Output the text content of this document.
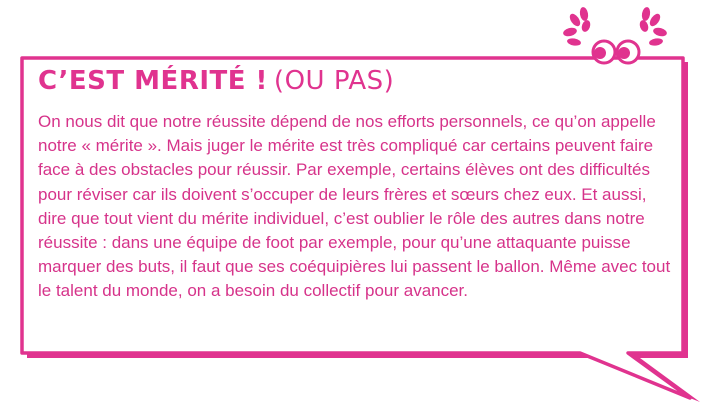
C’EST MÉRITÉ ! (OU PAS)

On nous dit que notre réussite dépend de nos efforts personnels, ce qu’on appelle notre « mérite ». Mais juger le mérite est très compliqué car certains peuvent faire face à des obstacles pour réussir. Par exemple, certains élèves ont des difficultés pour réviser car ils doivent s’occuper de leurs frères et sœurs chez eux. Et aussi, dire que tout vient du mérite individuel, c’est oublier le rôle des autres dans notre réussite : dans une équipe de foot par exemple, pour qu’une attaquante puisse marquer des buts, il faut que ses coéquipières lui passent le ballon. Même avec tout le talent du monde, on a besoin du collectif pour avancer.
